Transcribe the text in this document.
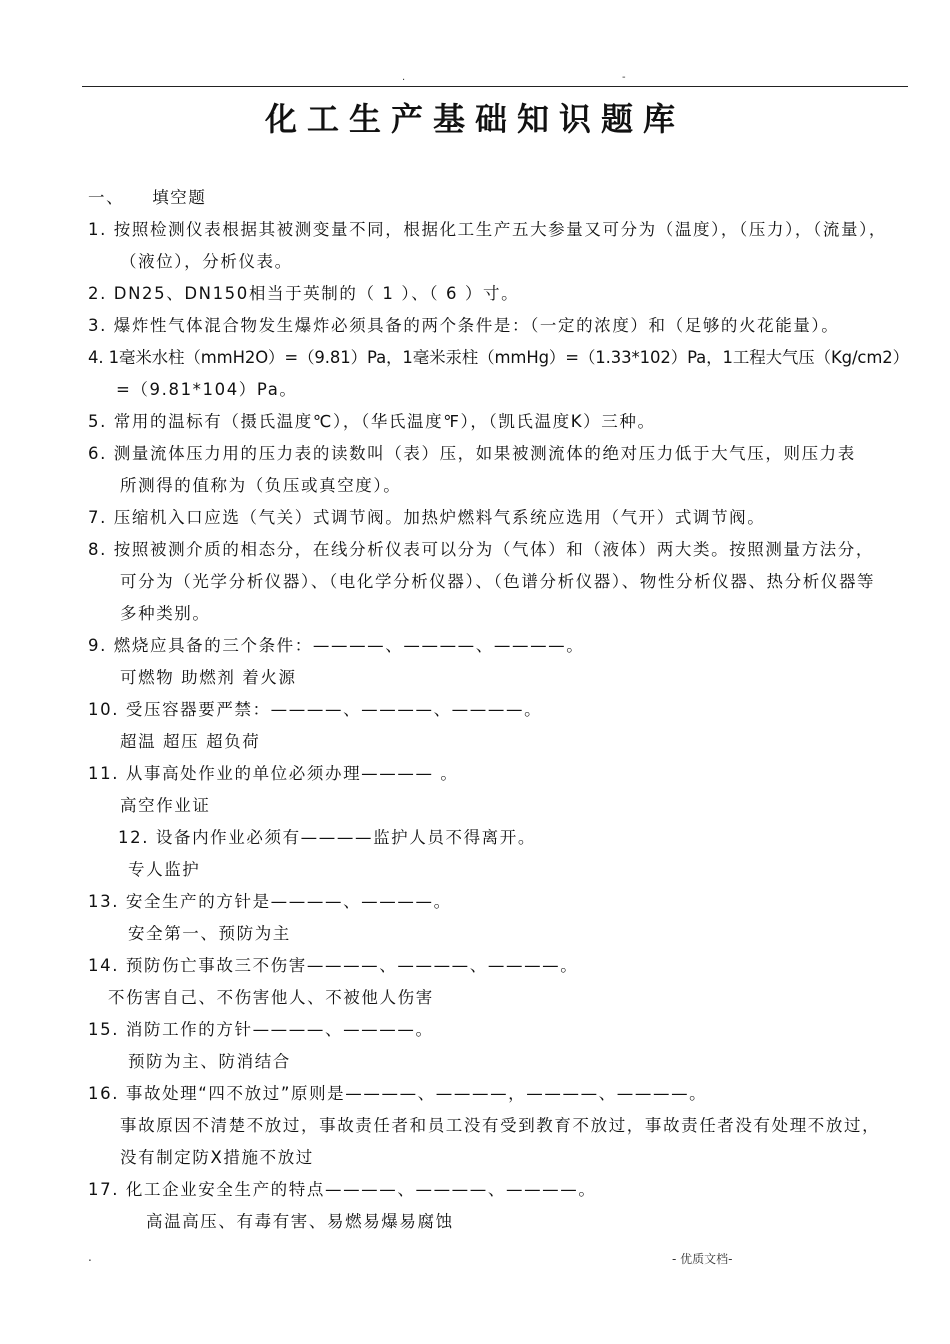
.	-
化工生产基础知识题库
一、 填空题
1. 按照检测仪表根据其被测变量不同，根据化工生产五大参量又可分为（温度），（压力），（流量），
（液位），分析仪表。
2. DN25、DN150相当于英制的（ 1 ）、（ 6 ）寸。
3. 爆炸性气体混合物发生爆炸必须具备的两个条件是：（一定的浓度）和（足够的火花能量）。
4. 1毫米水柱（mmH2O）=（9.81）Pa，1毫米汞柱（mmHg）=（1.33*102）Pa，1工程大气压（Kg/cm2）
=（9.81*104）Pa。
5. 常用的温标有（摄氏温度℃），（华氏温度℉），（凯氏温度K）三种。
6. 测量流体压力用的压力表的读数叫（表）压，如果被测流体的绝对压力低于大气压，则压力表
所测得的值称为（负压或真空度）。
7. 压缩机入口应选（气关）式调节阀。加热炉燃料气系统应选用（气开）式调节阀。
8. 按照被测介质的相态分，在线分析仪表可以分为（气体）和（液体）两大类。按照测量方法分，
可分为（光学分析仪器）、（电化学分析仪器）、（色谱分析仪器）、物性分析仪器、热分析仪器等
多种类别。
9. 燃烧应具备的三个条件：————、————、————。
可燃物 助燃剂 着火源
10. 受压容器要严禁：————、————、————。
超温 超压 超负荷
11. 从事高处作业的单位必须办理———— 。
高空作业证
12. 设备内作业必须有————监护人员不得离开。
专人监护
13. 安全生产的方针是————、————。
安全第一、预防为主
14. 预防伤亡事故三不伤害————、————、————。
不伤害自己、不伤害他人、不被他人伤害
15. 消防工作的方针————、————。
预防为主、防消结合
16. 事故处理“四不放过”原则是————、————，————、————。
事故原因不清楚不放过，事故责任者和员工没有受到教育不放过，事故责任者没有处理不放过，
没有制定防X措施不放过
17. 化工企业安全生产的特点————、————、————。
高温高压、有毒有害、易燃易爆易腐蚀
.	- 优质文档-
